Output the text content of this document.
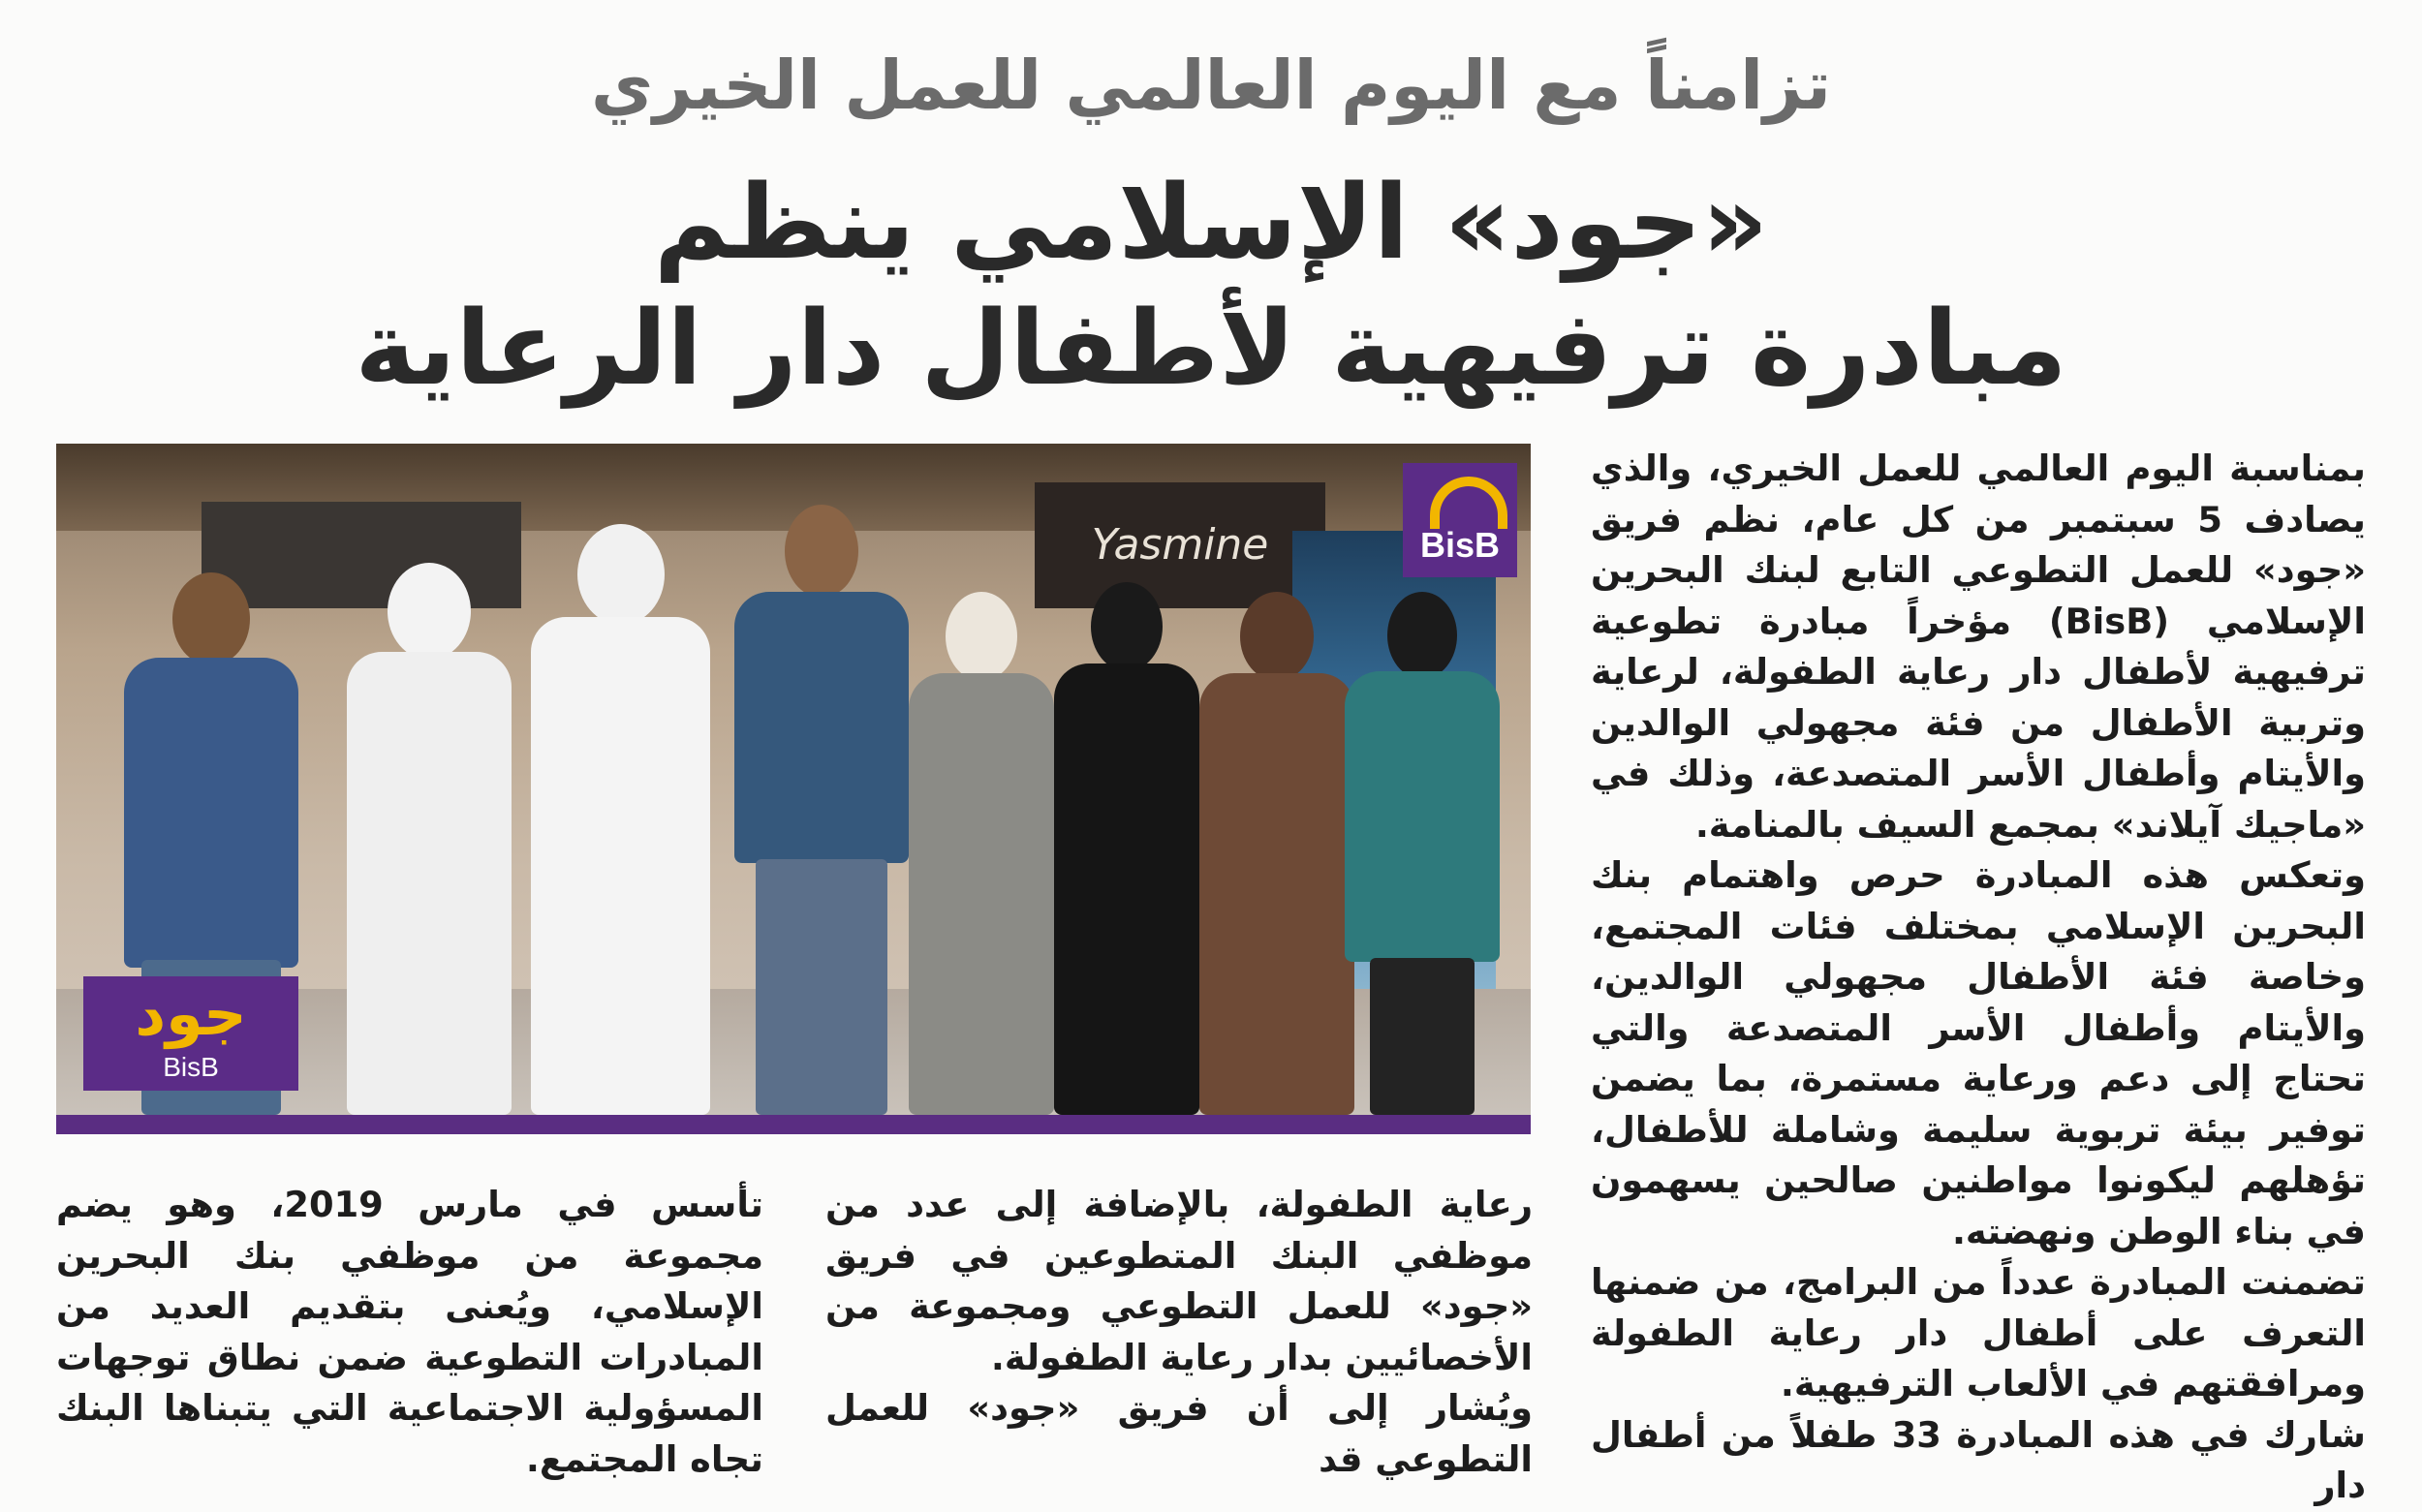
تزامناً مع اليوم العالمي للعمل الخيري
«جود» الإسلامي ينظم
مبادرة ترفيهية لأطفال دار الرعاية
Yasmine	BisB
جود
BisB

بمناسبة اليوم العالمي للعمل الخيري، والذي يصادف 5 سبتمبر من كل عام، نظم فريق «جود» للعمل التطوعي التابع لبنك البحرين الإسلامي (BisB) مؤخراً مبادرة تطوعية ترفيهية لأطفال دار رعاية الطفولة، لرعاية وتربية الأطفال من فئة مجهولي الوالدين والأيتام وأطفال الأسر المتصدعة، وذلك في «ماجيك آيلاند» بمجمع السيف بالمنامة.

وتعكس هذه المبادرة حرص واهتمام بنك البحرين الإسلامي بمختلف فئات المجتمع، وخاصة فئة الأطفال مجهولي الوالدين، والأيتام وأطفال الأسر المتصدعة والتي تحتاج إلى دعم ورعاية مستمرة، بما يضمن توفير بيئة تربوية سليمة وشاملة للأطفال، تؤهلهم ليكونوا مواطنين صالحين يسهمون في بناء الوطن ونهضته.

تضمنت المبادرة عدداً من البرامج، من ضمنها التعرف على أطفال دار رعاية الطفولة ومرافقتهم في الألعاب الترفيهية.

شارك في هذه المبادرة 33 طفلاً من أطفال دار

رعاية الطفولة، بالإضافة إلى عدد من موظفي البنك المتطوعين في فريق «جود» للعمل التطوعي ومجموعة من الأخصائيين بدار رعاية الطفولة.

ويُشار إلى أن فريق «جود» للعمل التطوعي قد

تأسس في مارس 2019، وهو يضم مجموعة من موظفي بنك البحرين الإسلامي، ويُعنى بتقديم العديد من المبادرات التطوعية ضمن نطاق توجهات المسؤولية الاجتماعية التي يتبناها البنك تجاه المجتمع.
